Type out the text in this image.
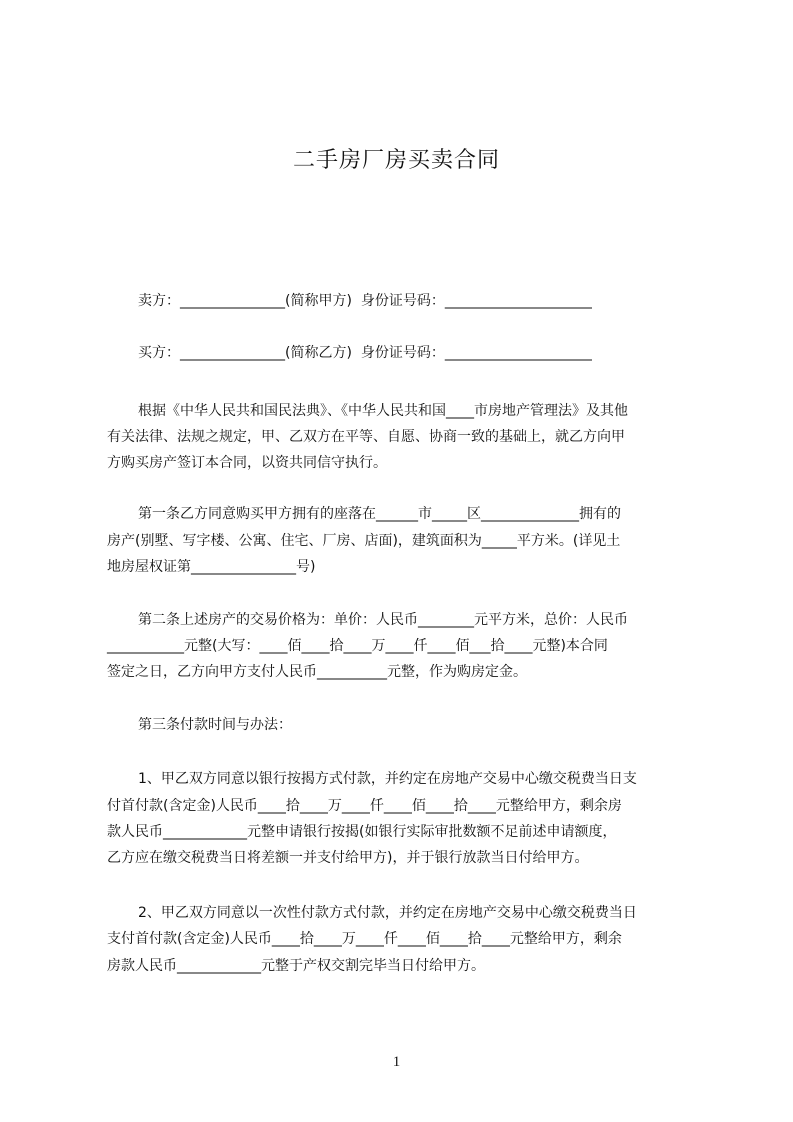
二手房厂房买卖合同
卖方：_______________(简称甲方)  身份证号码：_____________________
买方：_______________(简称乙方)  身份证号码：_____________________
根据《中华人民共和国民法典》、《中华人民共和国____市房地产管理法》及其他
有关法律、法规之规定，甲、乙双方在平等、自愿、协商一致的基础上，就乙方向甲
方购买房产签订本合同，以资共同信守执行。
第一条乙方同意购买甲方拥有的座落在______市_____区______________拥有的
房产(别墅、写字楼、公寓、住宅、厂房、店面)，建筑面积为_____平方米。(详见土
地房屋权证第_______________号)
第二条上述房产的交易价格为：单价：人民币________元平方米，总价：人民币
___________元整(大写：____佰____拾____万____仟____佰___拾____元整)本合同
签定之日，乙方向甲方支付人民币__________元整，作为购房定金。
第三条付款时间与办法：
1、甲乙双方同意以银行按揭方式付款，并约定在房地产交易中心缴交税费当日支
付首付款(含定金)人民币____拾____万____仟____佰____拾____元整给甲方，剩余房
款人民币____________元整申请银行按揭(如银行实际审批数额不足前述申请额度，
乙方应在缴交税费当日将差额一并支付给甲方)，并于银行放款当日付给甲方。
2、甲乙双方同意以一次性付款方式付款，并约定在房地产交易中心缴交税费当日
支付首付款(含定金)人民币____拾____万____仟____佰____拾____元整给甲方，剩余
房款人民币____________元整于产权交割完毕当日付给甲方。
1
